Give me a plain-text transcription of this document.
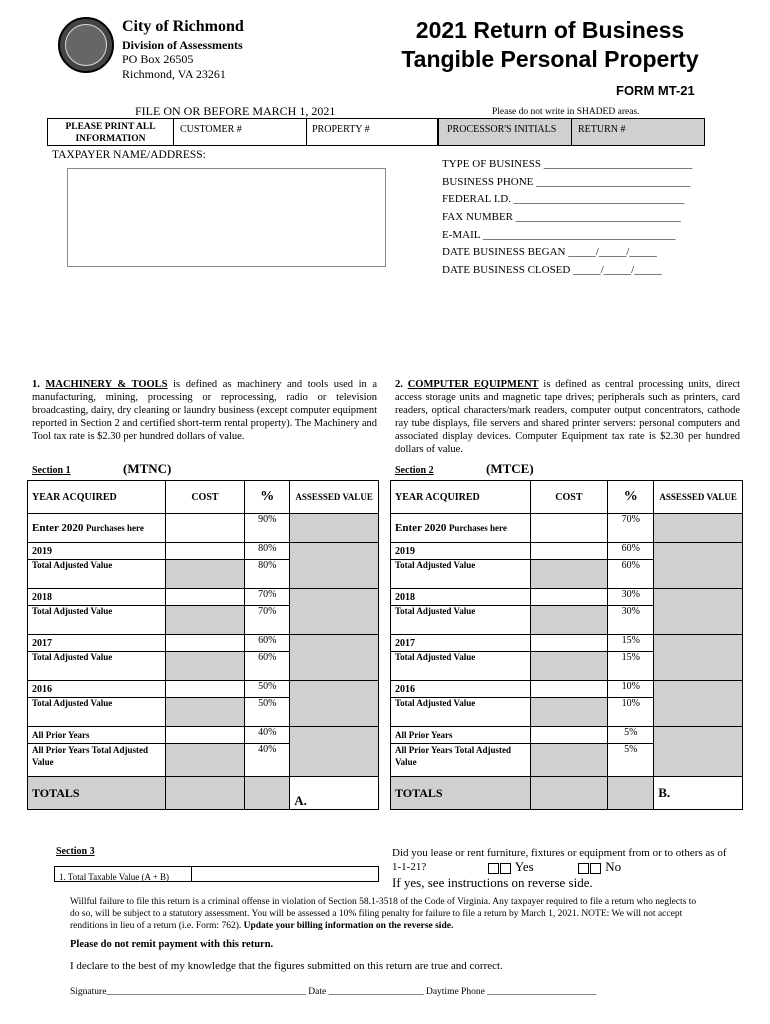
City of Richmond
Division of Assessments
PO Box 26505
Richmond, VA 23261
2021 Return of Business
Tangible Personal Property
FORM MT-21
FILE ON OR BEFORE MARCH 1, 2021	Please do not write in SHADED areas.
PLEASE PRINT ALL INFORMATION
CUSTOMER #	PROPERTY #	PROCESSOR'S INITIALS	RETURN #
TAXPAYER NAME/ADDRESS:
TYPE OF BUSINESS ___________________________
BUSINESS PHONE ____________________________
FEDERAL I.D. _______________________________
FAX NUMBER ______________________________
E-MAIL ___________________________________
DATE BUSINESS BEGAN _____/_____/_____
DATE BUSINESS CLOSED _____/_____/_____
1. MACHINERY & TOOLS is defined as machinery and tools used in a manufacturing, mining, processing or reprocessing, radio or television broadcasting, dairy, dry cleaning or laundry business (except computer equipment reported in Section 2 and certified short-term rental property). The Machinery and Tool tax rate is $2.30 per hundred dollars of value.
2. COMPUTER EQUIPMENT is defined as central processing units, direct access storage units and magnetic tape drives; peripherals such as printers, card readers, optical characters/mark readers, computer output concentrators, cathode ray tube displays, file servers and shared printer servers: personal computers and associated display devices. Computer Equipment tax rate is $2.30 per hundred dollars of value.
Section 1	(MTNC)	Section 2	(MTCE)
YEAR ACQUIRED	COST	%	ASSESSED VALUE
Enter 2020 Purchases here		90%	
2019		80%	
Total Adjusted Value		80%	
2018		70%	
Total Adjusted Value		70%	
2017		60%	
Total Adjusted Value		60%	
2016		50%	
Total Adjusted Value		50%	
All Prior Years		40%	
All Prior Years Total Adjusted Value		40%	
TOTALS			A.
YEAR ACQUIRED	COST	%	ASSESSED VALUE
Enter 2020 Purchases here		70%	
2019		60%	
Total Adjusted Value		60%	
2018		30%	
Total Adjusted Value		30%	
2017		15%	
Total Adjusted Value		15%	
2016		10%	
Total Adjusted Value		10%	
All Prior Years		5%	
All Prior Years Total Adjusted Value		5%	
TOTALS			B.
Section 3
1. Total Taxable Value (A + B)
Did you lease or rent furniture, fixtures or equipment from or to others as of 1-1-21?	Yes	No
If yes, see instructions on reverse side.
Willful failure to file this return is a criminal offense in violation of Section 58.1-3518 of the Code of Virginia. Any taxpayer required to file a return who neglects to do so, will be subject to a statutory assessment. You will be assessed a 10% filing penalty for failure to file a return by March 1, 2021. NOTE: We will not accept renditions in lieu of a return (i.e. Form: 762). Update your billing information on the reverse side.
Please do not remit payment with this return.
I declare to the best of my knowledge that the figures submitted on this return are true and correct.
Signature__________________________________________ Date ____________________ Daytime Phone _______________________
